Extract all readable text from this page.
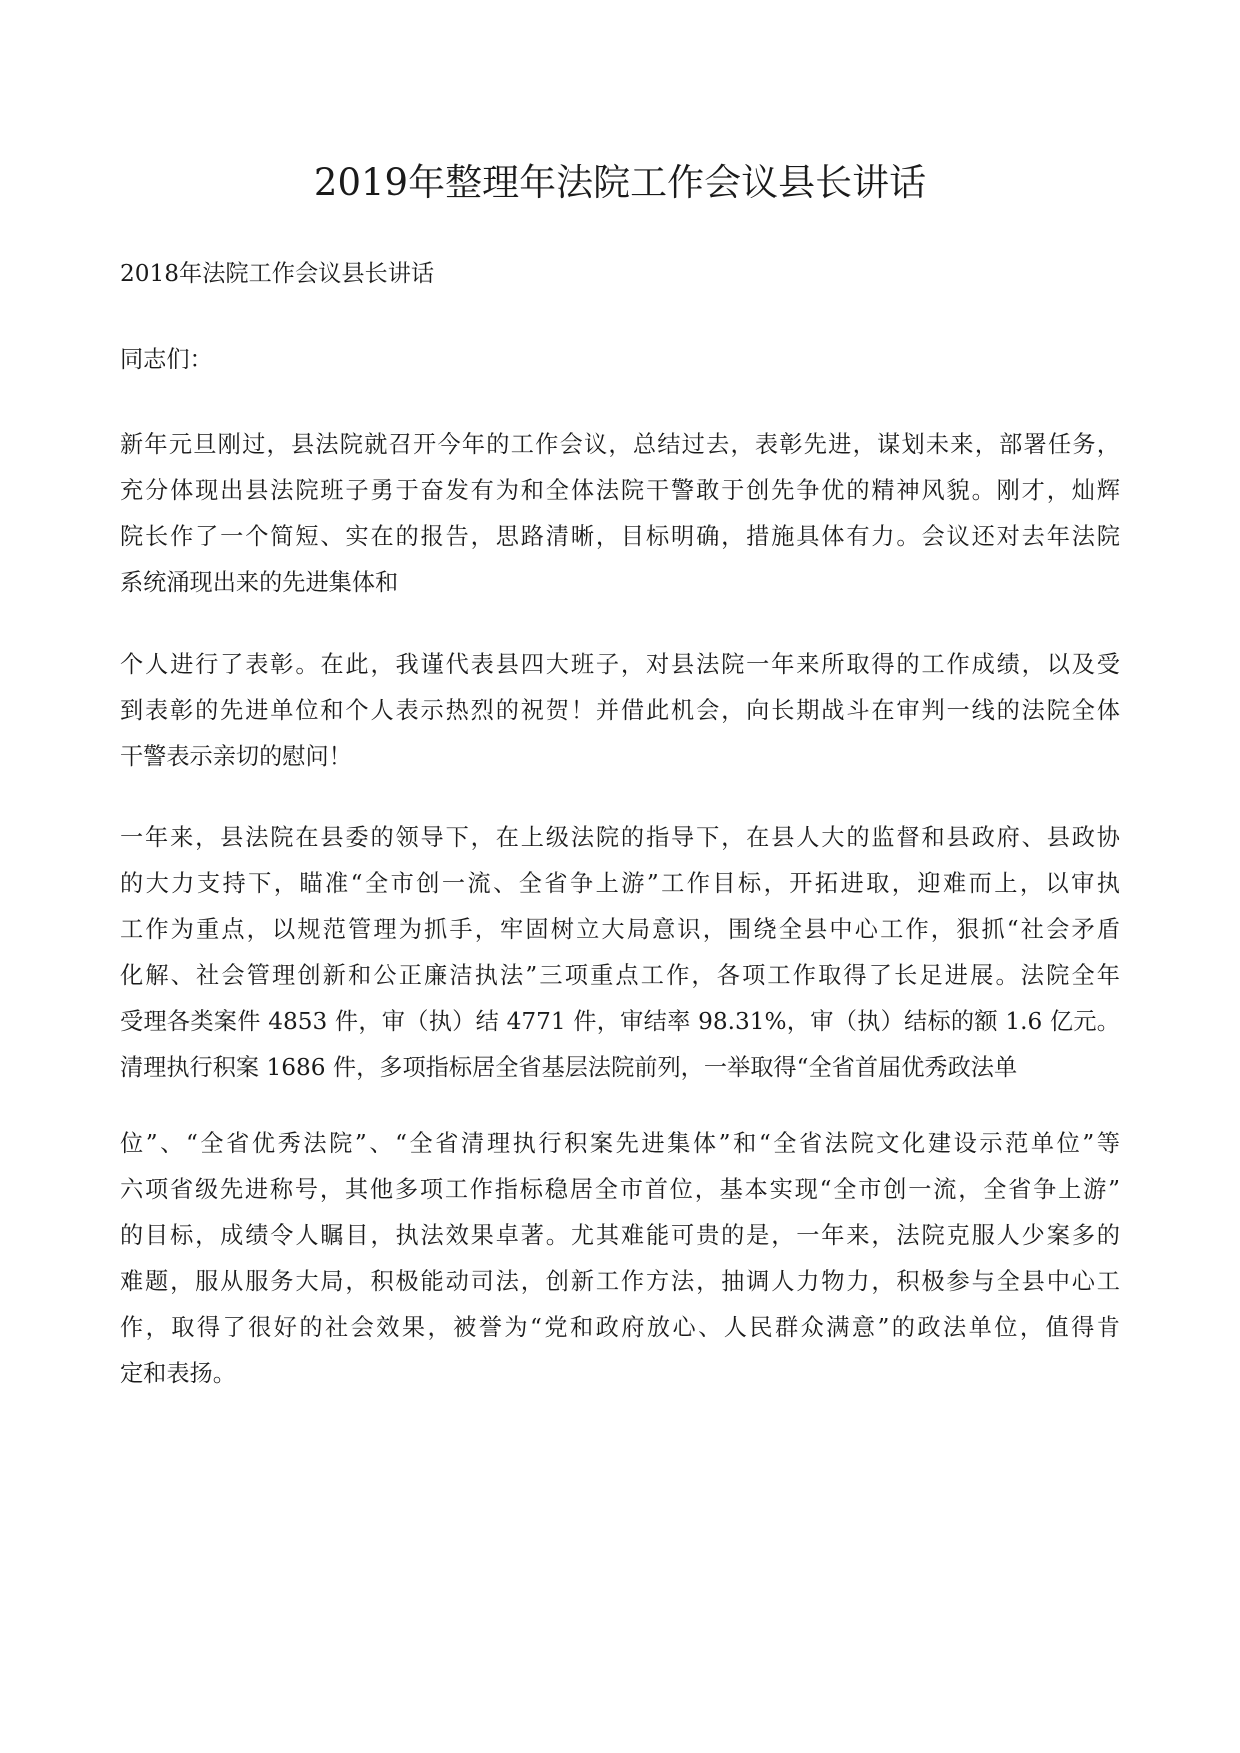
2019年整理年法院工作会议县长讲话

2018年法院工作会议县长讲话

同志们：

新年元旦刚过，县法院就召开今年的工作会议，总结过去，表彰先进，谋划未来，部署任务，
充分体现出县法院班子勇于奋发有为和全体法院干警敢于创先争优的精神风貌。刚才，灿辉
院长作了一个简短、实在的报告，思路清晰，目标明确，措施具体有力。会议还对去年法院
系统涌现出来的先进集体和

个人进行了表彰。在此，我谨代表县四大班子，对县法院一年来所取得的工作成绩，以及受
到表彰的先进单位和个人表示热烈的祝贺！并借此机会，向长期战斗在审判一线的法院全体
干警表示亲切的慰问！

一年来，县法院在县委的领导下，在上级法院的指导下，在县人大的监督和县政府、县政协
的大力支持下，瞄准“全市创一流、全省争上游”工作目标，开拓进取，迎难而上，以审执
工作为重点，以规范管理为抓手，牢固树立大局意识，围绕全县中心工作，狠抓“社会矛盾
化解、社会管理创新和公正廉洁执法”三项重点工作，各项工作取得了长足进展。法院全年
受理各类案件 4853 件，审（执）结 4771 件，审结率 98.31%，审（执）结标的额 1.6 亿元。
清理执行积案 1686 件，多项指标居全省基层法院前列，一举取得“全省首届优秀政法单

位”、“全省优秀法院”、“全省清理执行积案先进集体”和“全省法院文化建设示范单位”等
六项省级先进称号，其他多项工作指标稳居全市首位，基本实现“全市创一流，全省争上游”
的目标，成绩令人瞩目，执法效果卓著。尤其难能可贵的是，一年来，法院克服人少案多的
难题，服从服务大局，积极能动司法，创新工作方法，抽调人力物力，积极参与全县中心工
作，取得了很好的社会效果，被誉为“党和政府放心、人民群众满意”的政法单位，值得肯
定和表扬。
